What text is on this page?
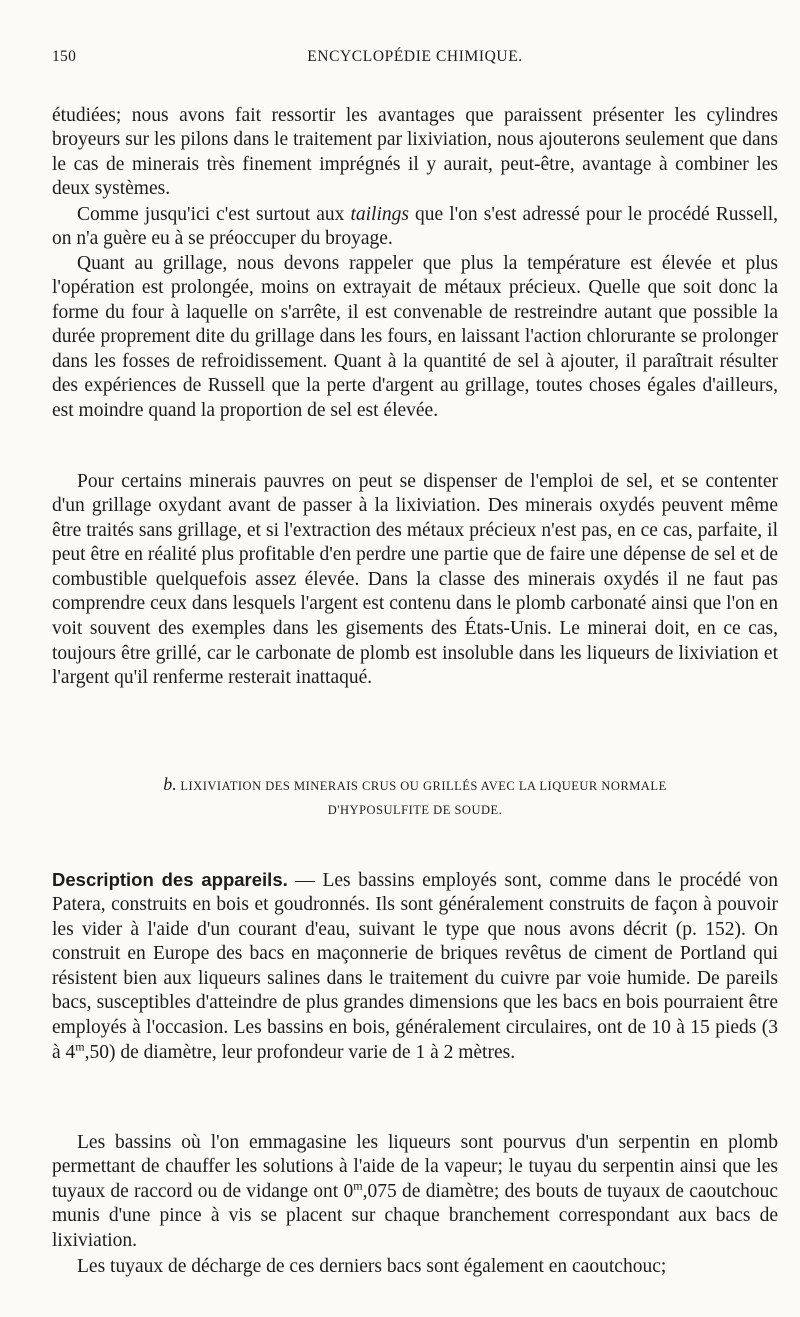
150	ENCYCLOPÉDIE CHIMIQUE.

étudiées; nous avons fait ressortir les avantages que paraissent présenter les cylindres broyeurs sur les pilons dans le traitement par lixiviation, nous ajouterons seulement que dans le cas de minerais très finement imprégnés il y aurait, peut-être, avantage à combiner les deux systèmes.

Comme jusqu'ici c'est surtout aux tailings que l'on s'est adressé pour le procédé Russell, on n'a guère eu à se préoccuper du broyage.

Quant au grillage, nous devons rappeler que plus la température est élevée et plus l'opération est prolongée, moins on extrayait de métaux précieux. Quelle que soit donc la forme du four à laquelle on s'arrête, il est convenable de restreindre autant que possible la durée proprement dite du grillage dans les fours, en laissant l'action chlorurante se prolonger dans les fosses de refroidissement. Quant à la quantité de sel à ajouter, il paraîtrait résulter des expériences de Russell que la perte d'argent au grillage, toutes choses égales d'ailleurs, est moindre quand la proportion de sel est élevée.

Pour certains minerais pauvres on peut se dispenser de l'emploi de sel, et se contenter d'un grillage oxydant avant de passer à la lixiviation. Des minerais oxydés peuvent même être traités sans grillage, et si l'extraction des métaux précieux n'est pas, en ce cas, parfaite, il peut être en réalité plus profitable d'en perdre une partie que de faire une dépense de sel et de combustible quelquefois assez élevée. Dans la classe des minerais oxydés il ne faut pas comprendre ceux dans lesquels l'argent est contenu dans le plomb carbonaté ainsi que l'on en voit souvent des exemples dans les gisements des États-Unis. Le minerai doit, en ce cas, toujours être grillé, car le carbonate de plomb est insoluble dans les liqueurs de lixiviation et l'argent qu'il renferme resterait inattaqué.

b. LIXIVIATION DES MINERAIS CRUS OU GRILLÉS AVEC LA LIQUEUR NORMALE
D'HYPOSULFITE DE SOUDE.

Description des appareils. — Les bassins employés sont, comme dans le procédé von Patera, construits en bois et goudronnés. Ils sont généralement construits de façon à pouvoir les vider à l'aide d'un courant d'eau, suivant le type que nous avons décrit (p. 152). On construit en Europe des bacs en maçonnerie de briques revêtus de ciment de Portland qui résistent bien aux liqueurs salines dans le traitement du cuivre par voie humide. De pareils bacs, susceptibles d'atteindre de plus grandes dimensions que les bacs en bois pourraient être employés à l'occasion. Les bassins en bois, généralement circulaires, ont de 10 à 15 pieds (3 à 4$^m$,50) de diamètre, leur profondeur varie de 1 à 2 mètres.

Les bassins où l'on emmagasine les liqueurs sont pourvus d'un serpentin en plomb permettant de chauffer les solutions à l'aide de la vapeur; le tuyau du serpentin ainsi que les tuyaux de raccord ou de vidange ont 0$^m$,075 de diamètre; des bouts de tuyaux de caoutchouc munis d'une pince à vis se placent sur chaque branchement correspondant aux bacs de lixiviation.

Les tuyaux de décharge de ces derniers bacs sont également en caoutchouc;
